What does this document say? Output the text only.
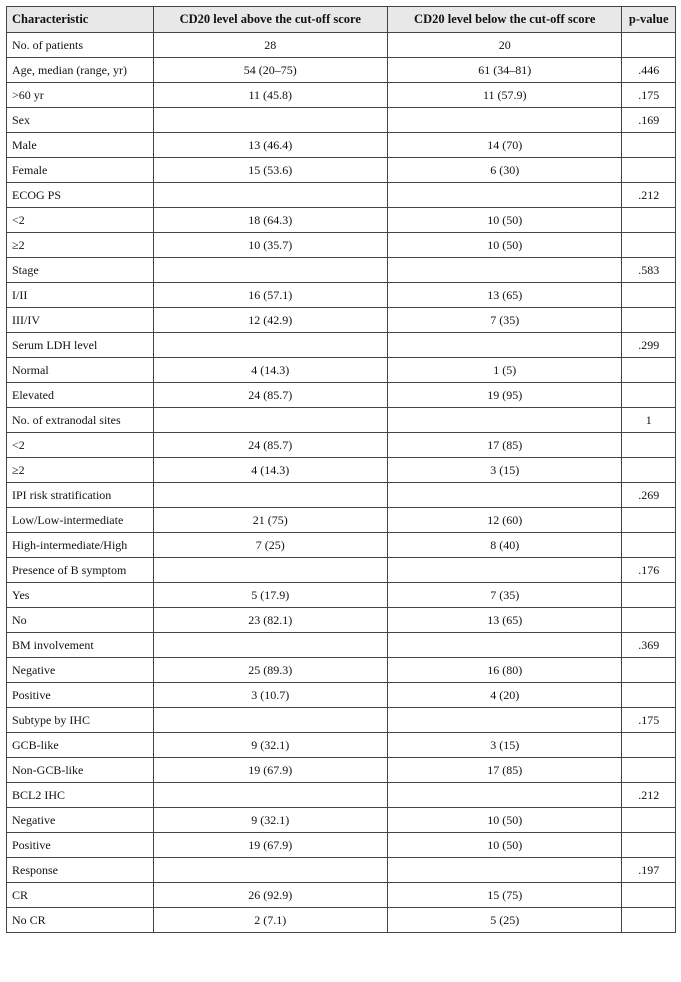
Characteristic	CD20 level above the cut-off score	CD20 level below the cut-off score	p-value
No. of patients	28	20	
Age, median (range, yr)	54 (20–75)	61 (34–81)	.446
>60 yr	11 (45.8)	11 (57.9)	.175
Sex			.169
Male	13 (46.4)	14 (70)	
Female	15 (53.6)	6 (30)	
ECOG PS			.212
<2	18 (64.3)	10 (50)	
≥2	10 (35.7)	10 (50)	
Stage			.583
I/II	16 (57.1)	13 (65)	
III/IV	12 (42.9)	7 (35)	
Serum LDH level			.299
Normal	4 (14.3)	1 (5)	
Elevated	24 (85.7)	19 (95)	
No. of extranodal sites			1
<2	24 (85.7)	17 (85)	
≥2	4 (14.3)	3 (15)	
IPI risk stratification			.269
Low/Low-intermediate	21 (75)	12 (60)	
High-intermediate/High	7 (25)	8 (40)	
Presence of B symptom			.176
Yes	5 (17.9)	7 (35)	
No	23 (82.1)	13 (65)	
BM involvement			.369
Negative	25 (89.3)	16 (80)	
Positive	3 (10.7)	4 (20)	
Subtype by IHC			.175
GCB-like	9 (32.1)	3 (15)	
Non-GCB-like	19 (67.9)	17 (85)	
BCL2 IHC			.212
Negative	9 (32.1)	10 (50)	
Positive	19 (67.9)	10 (50)	
Response			.197
CR	26 (92.9)	15 (75)	
No CR	2 (7.1)	5 (25)	
